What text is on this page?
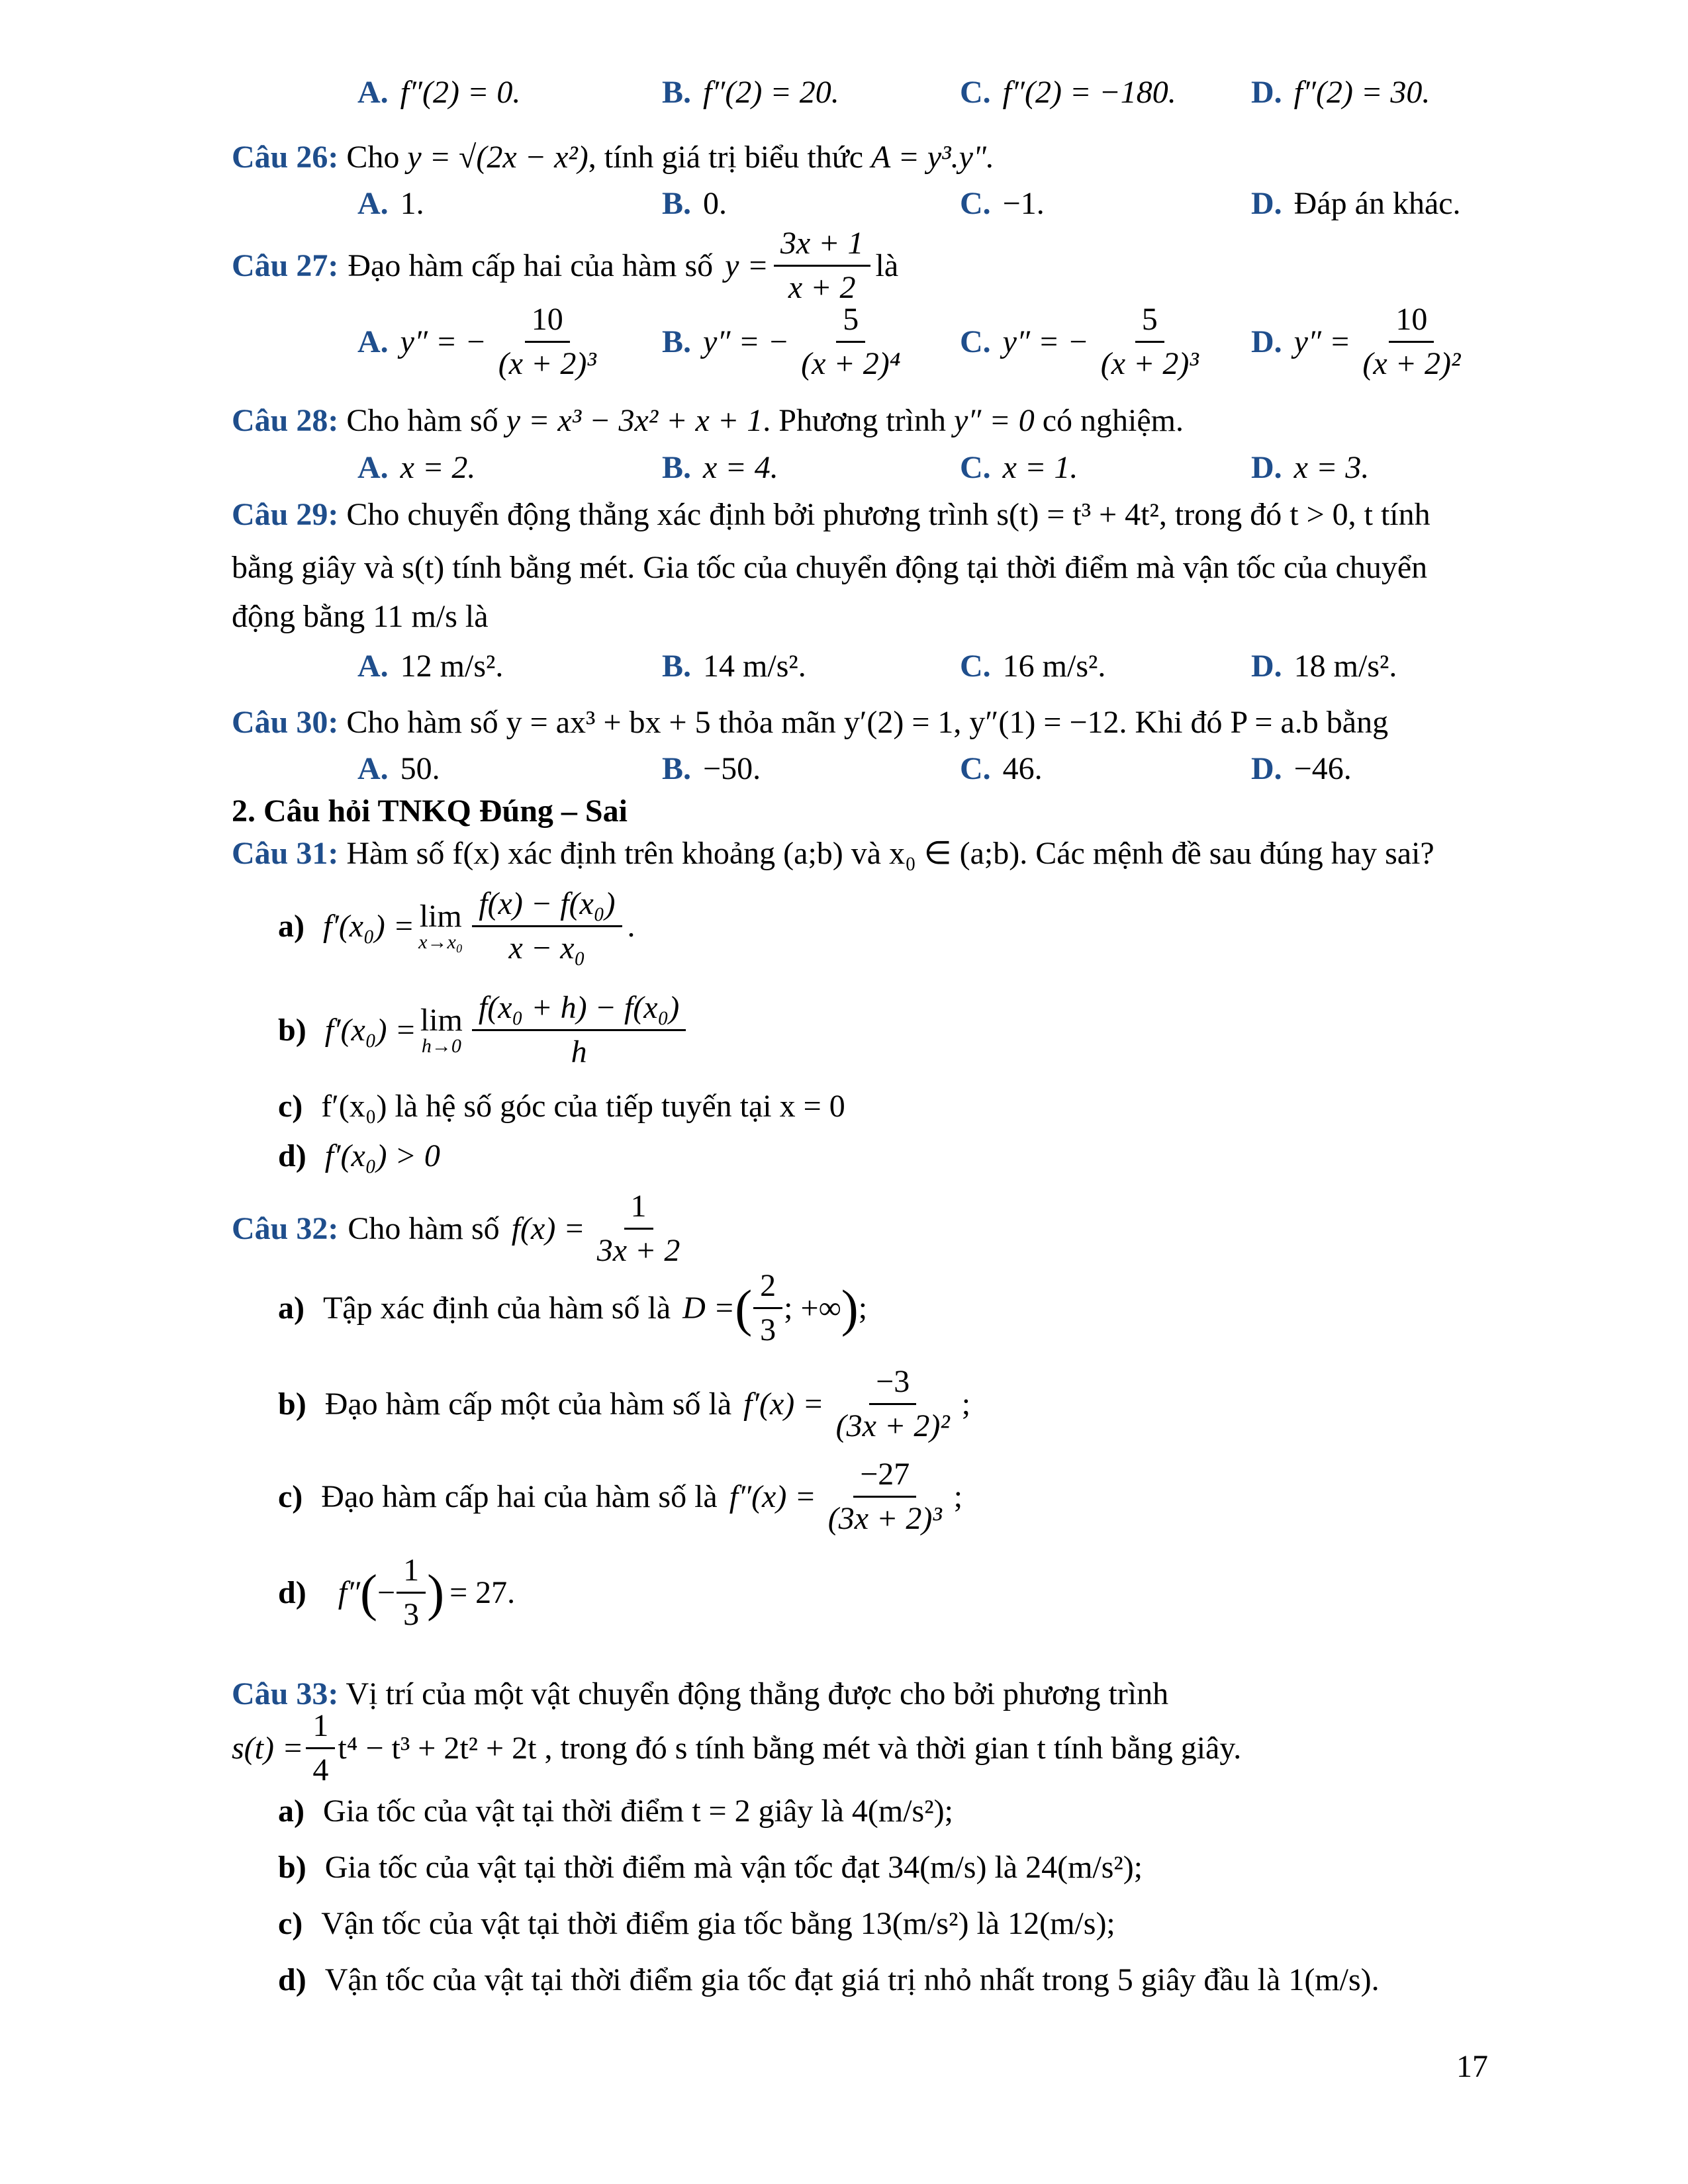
A. f″(2) = 0.	B. f″(2) = 20.	C. f″(2) = −180. D. f″(2) = 30.
Câu 26: Cho y = √(2x − x²), tính giá trị biểu thức A = y³.y".
A. 1.	B. 0.	C. −1.	D. Đáp án khác.
Câu 27: Đạo hàm cấp hai của hàm số $y = \frac{3x + 1}{x + 2}$ là
A. y″ = − $\frac{10}{\text{(x + 2)³}} B$. y″ = − $\frac{5}{\text{(x + 2)⁴}} C$. y″ = − $\frac{5}{\text{(x + 2)³}} D$. $y'' = \frac{10}{\text{(x + 2)²}}$
Câu 28: Cho hàm số y = x³ − 3x² + x + 1. Phương trình y″ = 0 có nghiệm.
A. x = 2.	B. x = 4.	C. x = 1.	D. x = 3.
Câu 29: Cho chuyển động thẳng xác định bởi phương trình s(t) = t³ + 4t², trong đó t > 0, t tính
bằng giây và s(t) tính bằng mét. Gia tốc của chuyển động tại thời điểm mà vận tốc của chuyển
động bằng 11 m/s là
A. 12 m/s².	B. 14 m/s².	C. 16 m/s².	D. 18 m/s².
Câu 30: Cho hàm số y = ax³ + bx + 5 thỏa mãn y′(2) = 1, y″(1) = −12. Khi đó P = a.b bằng
A. 50.	B. −50.	C. 46.	D. −46.
2. Câu hỏi TNKQ Đúng – Sai
Câu 31: Hàm số f(x) xác định trên khoảng (a;b) và x₀ ∈ (a;b). Các mệnh đề sau đúng hay sai?
a) f′(x₀) = lim
$x\to x_0 \frac{\text{f(x) − f(x₀)}}{\text{x − x₀}}$ .
b) f′(x₀) = lim
$h\to 0 \frac{\text{f(x₀ + h) − f(x₀)}}{h}$
c) f′(x₀) là hệ số góc của tiếp tuyến tại x = 0
d) f′(x₀) > 0
Câu 32: Cho hàm số $f(x) = \frac{1}{3x + 2}$
a) Tập xác định của hàm số là D = ( $\frac{2}{3}$ ; +∞ ) ;
b) Đạo hàm cấp một của hàm số là $f'(x) = \frac{-3}{\text{(3x + 2)²}}$ ;
c) Đạo hàm cấp hai của hàm số là $f''(x) = \frac{-27}{\text{(3x + 2)³}}$ ;
d) f″ ( − $\frac{1}{3}$ ) = 27.
Câu 33: Vị trí của một vật chuyển động thẳng được cho bởi phương trình
$s(t) = \frac{1}{4} t^4 - t^3 + 2t^2 + 2t$ , trong đó s tính bằng mét và thời gian t tính bằng giây.
a) Gia tốc của vật tại thời điểm t = 2 giây là 4(m/s²);
b) Gia tốc của vật tại thời điểm mà vận tốc đạt 34(m/s) là 24(m/s²);
c) Vận tốc của vật tại thời điểm gia tốc bằng 13(m/s²) là 12(m/s);
d) Vận tốc của vật tại thời điểm gia tốc đạt giá trị nhỏ nhất trong 5 giây đầu là 1(m/s).
17
